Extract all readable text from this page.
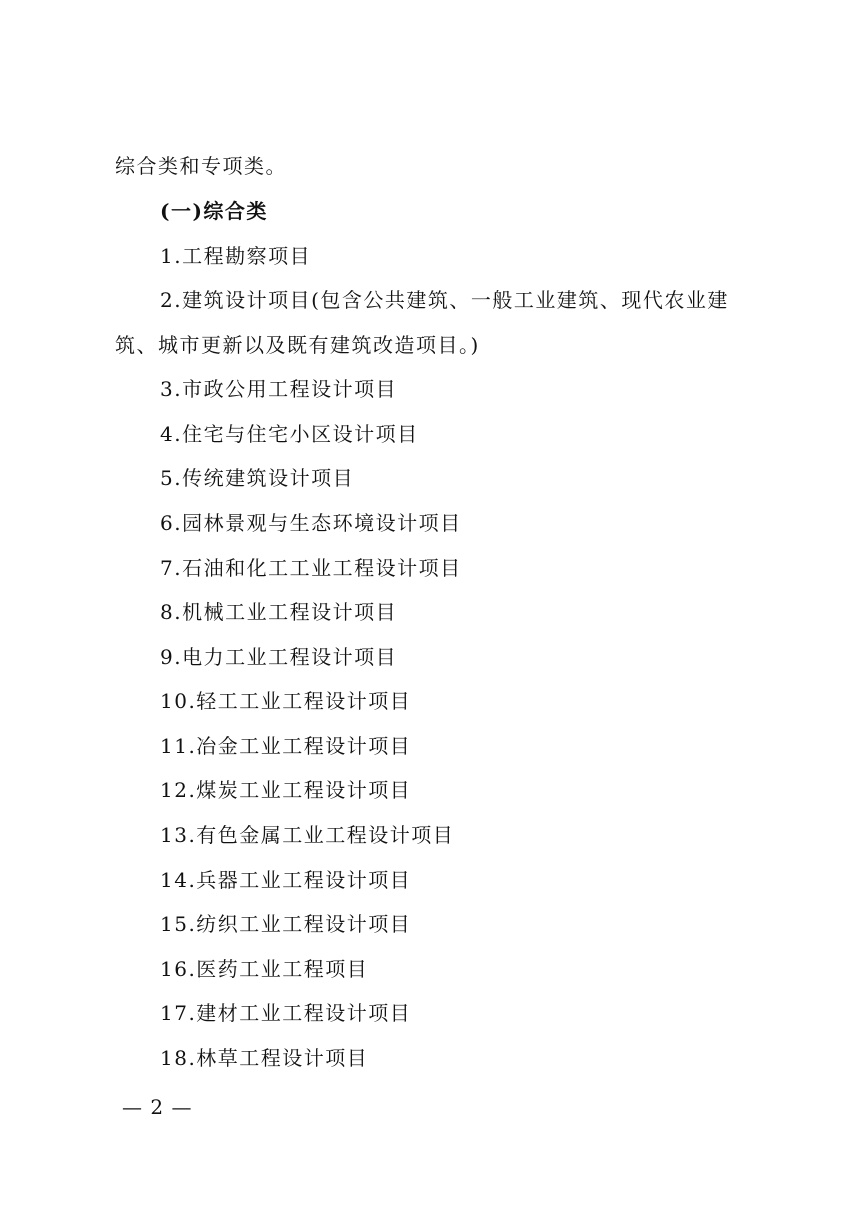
综合类和专项类。
(一)综合类
1.工程勘察项目
2.建筑设计项目(包含公共建筑、一般工业建筑、现代农业建
筑、城市更新以及既有建筑改造项目。)
3.市政公用工程设计项目
4.住宅与住宅小区设计项目
5.传统建筑设计项目
6.园林景观与生态环境设计项目
7.石油和化工工业工程设计项目
8.机械工业工程设计项目
9.电力工业工程设计项目
10.轻工工业工程设计项目
11.冶金工业工程设计项目
12.煤炭工业工程设计项目
13.有色金属工业工程设计项目
14.兵器工业工程设计项目
15.纺织工业工程设计项目
16.医药工业工程项目
17.建材工业工程设计项目
18.林草工程设计项目
— 2 —
